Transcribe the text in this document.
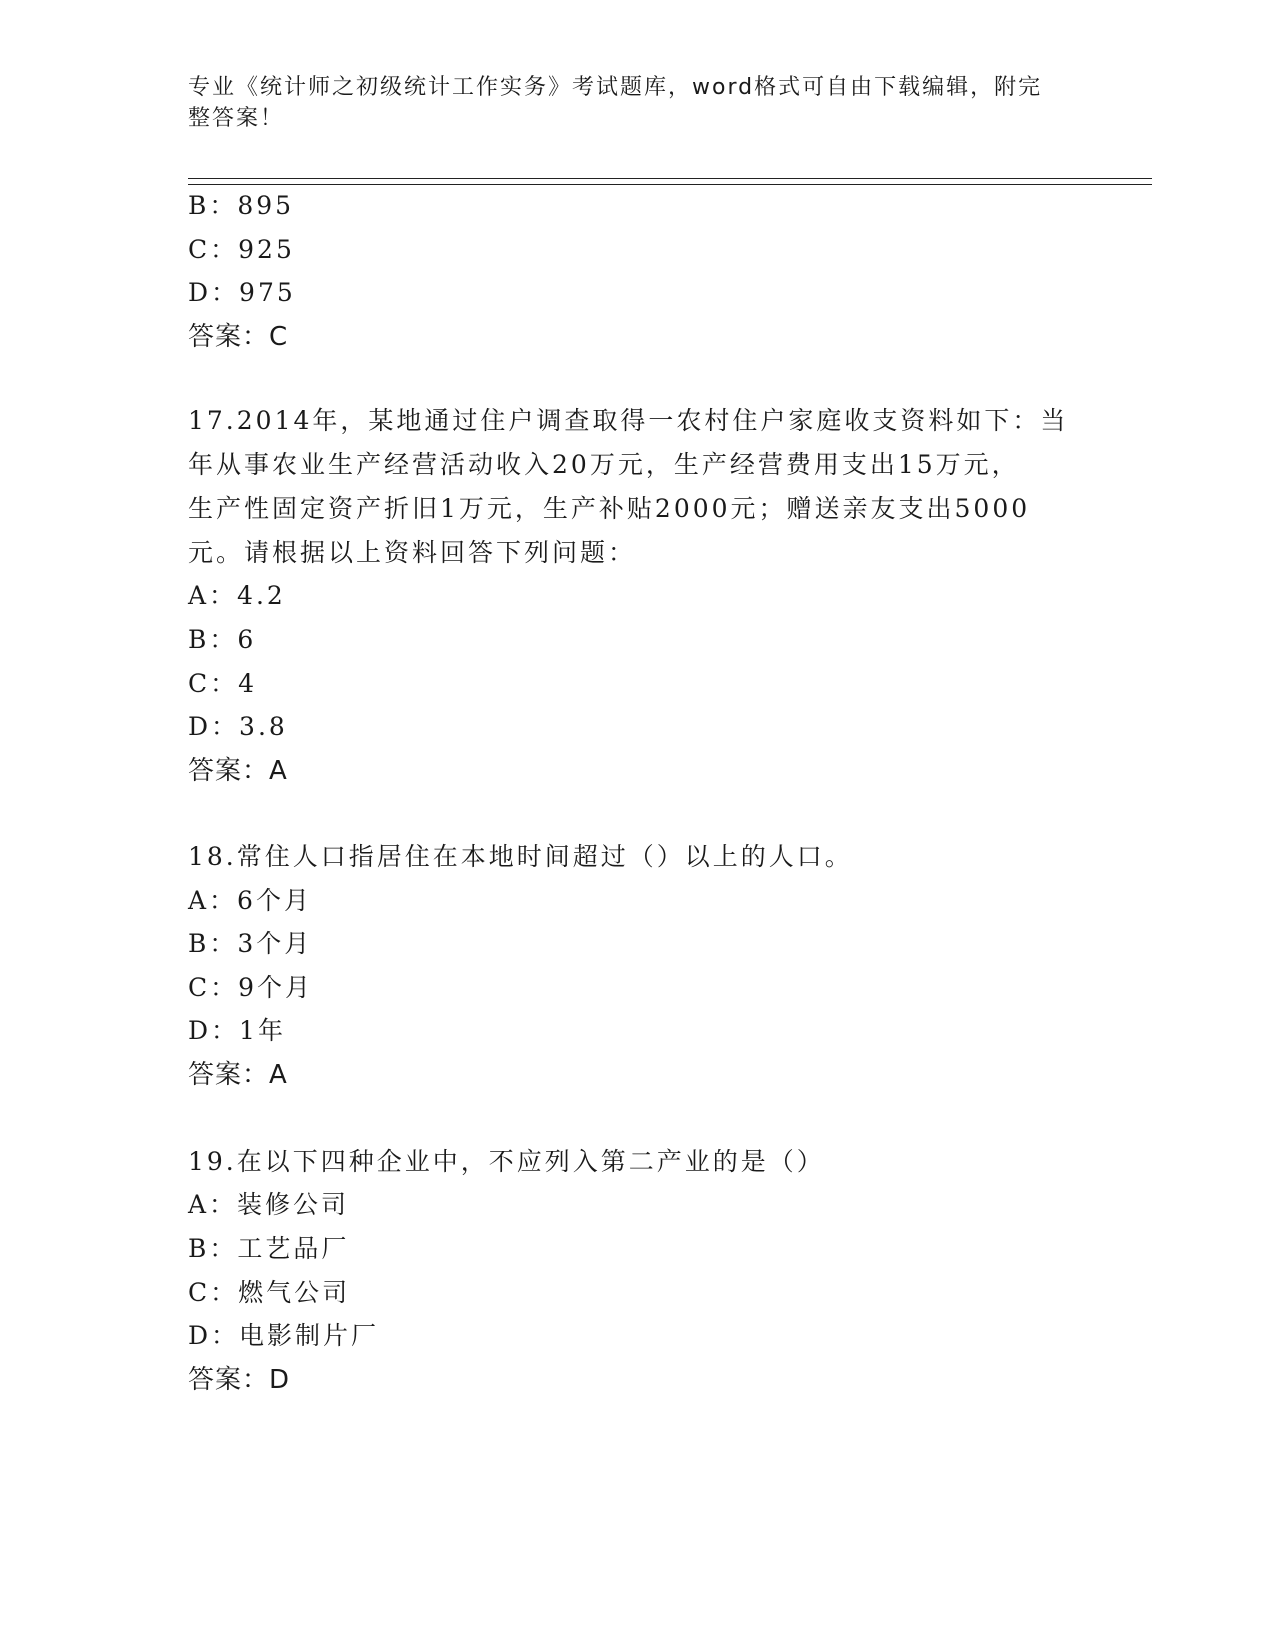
专业《统计师之初级统计工作实务》考试题库，word格式可自由下载编辑，附完
整答案！
B：895
C：925
D：975
答案：C
17.2014年，某地通过住户调查取得一农村住户家庭收支资料如下：当
年从事农业生产经营活动收入20万元，生产经营费用支出15万元，
生产性固定资产折旧1万元，生产补贴2000元；赠送亲友支出5000
元。请根据以上资料回答下列问题：
A：4.2
B：6
C：4
D：3.8
答案：A
18.常住人口指居住在本地时间超过（）以上的人口。
A：6个月
B：3个月
C：9个月
D：1年
答案：A
19.在以下四种企业中，不应列入第二产业的是（）
A：装修公司
B：工艺品厂
C：燃气公司
D：电影制片厂
答案：D
